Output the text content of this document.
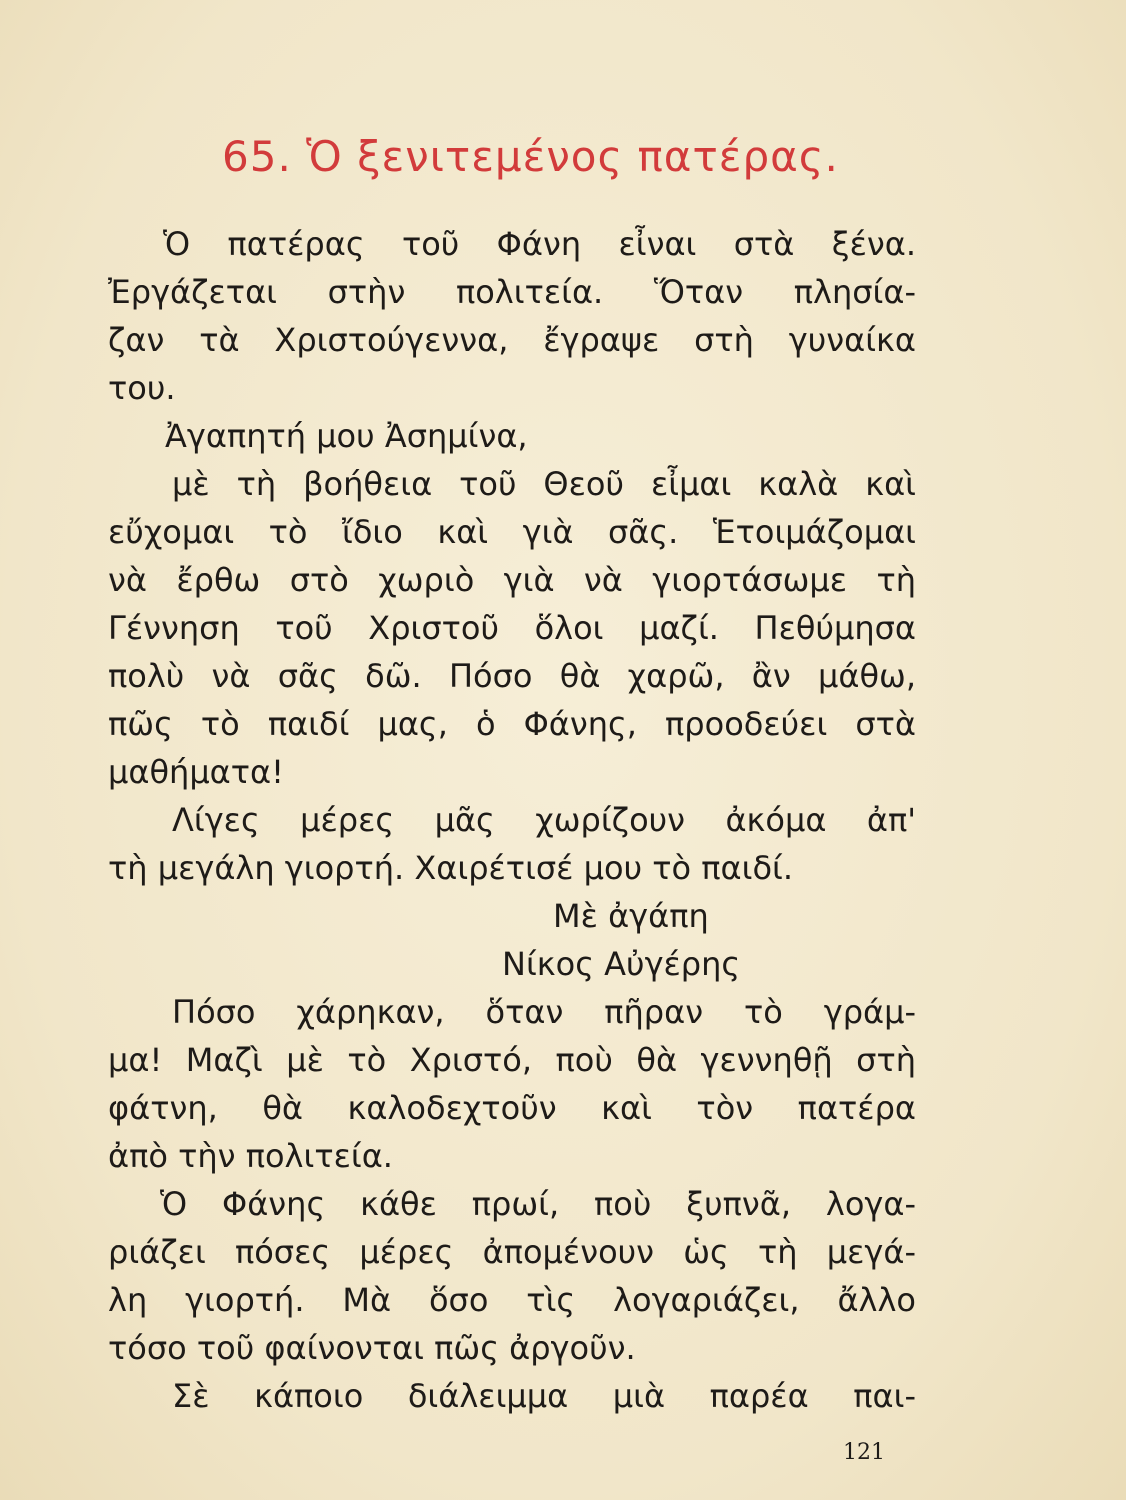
65. Ὁ ξενιτεμένος πατέρας.
Ὁ πατέρας τοῦ Φάνη εἶναι στὰ ξένα.
Ἐργάζεται στὴν πολιτεία. Ὅταν πλησία-
ζαν τὰ Χριστούγεννα, ἔγραψε στὴ γυναίκα
του.
Ἀγαπητή μου Ἀσημίνα,
μὲ τὴ βοήθεια τοῦ Θεοῦ εἶμαι καλὰ καὶ
εὔχομαι τὸ ἴδιο καὶ γιὰ σᾶς. Ἑτοιμάζομαι
νὰ ἔρθω στὸ χωριὸ γιὰ νὰ γιορτάσωμε τὴ
Γέννηση τοῦ Χριστοῦ ὅλοι μαζί. Πεθύμησα
πολὺ νὰ σᾶς δῶ. Πόσο θὰ χαρῶ, ἂν μάθω,
πῶς τὸ παιδί μας, ὁ Φάνης, προοδεύει στὰ
μαθήματα!
Λίγες μέρες μᾶς χωρίζουν ἀκόμα ἀπ'
τὴ μεγάλη γιορτή. Χαιρέτισέ μου τὸ παιδί.
Μὲ ἀγάπη
Νίκος Αὐγέρης
Πόσο χάρηκαν, ὅταν πῆραν τὸ γράμ-
μα! Μαζὶ μὲ τὸ Χριστό, ποὺ θὰ γεννηθῇ στὴ
φάτνη, θὰ καλοδεχτοῦν καὶ τὸν πατέρα
ἀπὸ τὴν πολιτεία.
Ὁ Φάνης κάθε πρωί, ποὺ ξυπνᾶ, λογα-
ριάζει πόσες μέρες ἀπομένουν ὡς τὴ μεγά-
λη γιορτή. Μὰ ὅσο τὶς λογαριάζει, ἄλλο
τόσο τοῦ φαίνονται πῶς ἀργοῦν.
Σὲ κάποιο διάλειμμα μιὰ παρέα παι-
121
